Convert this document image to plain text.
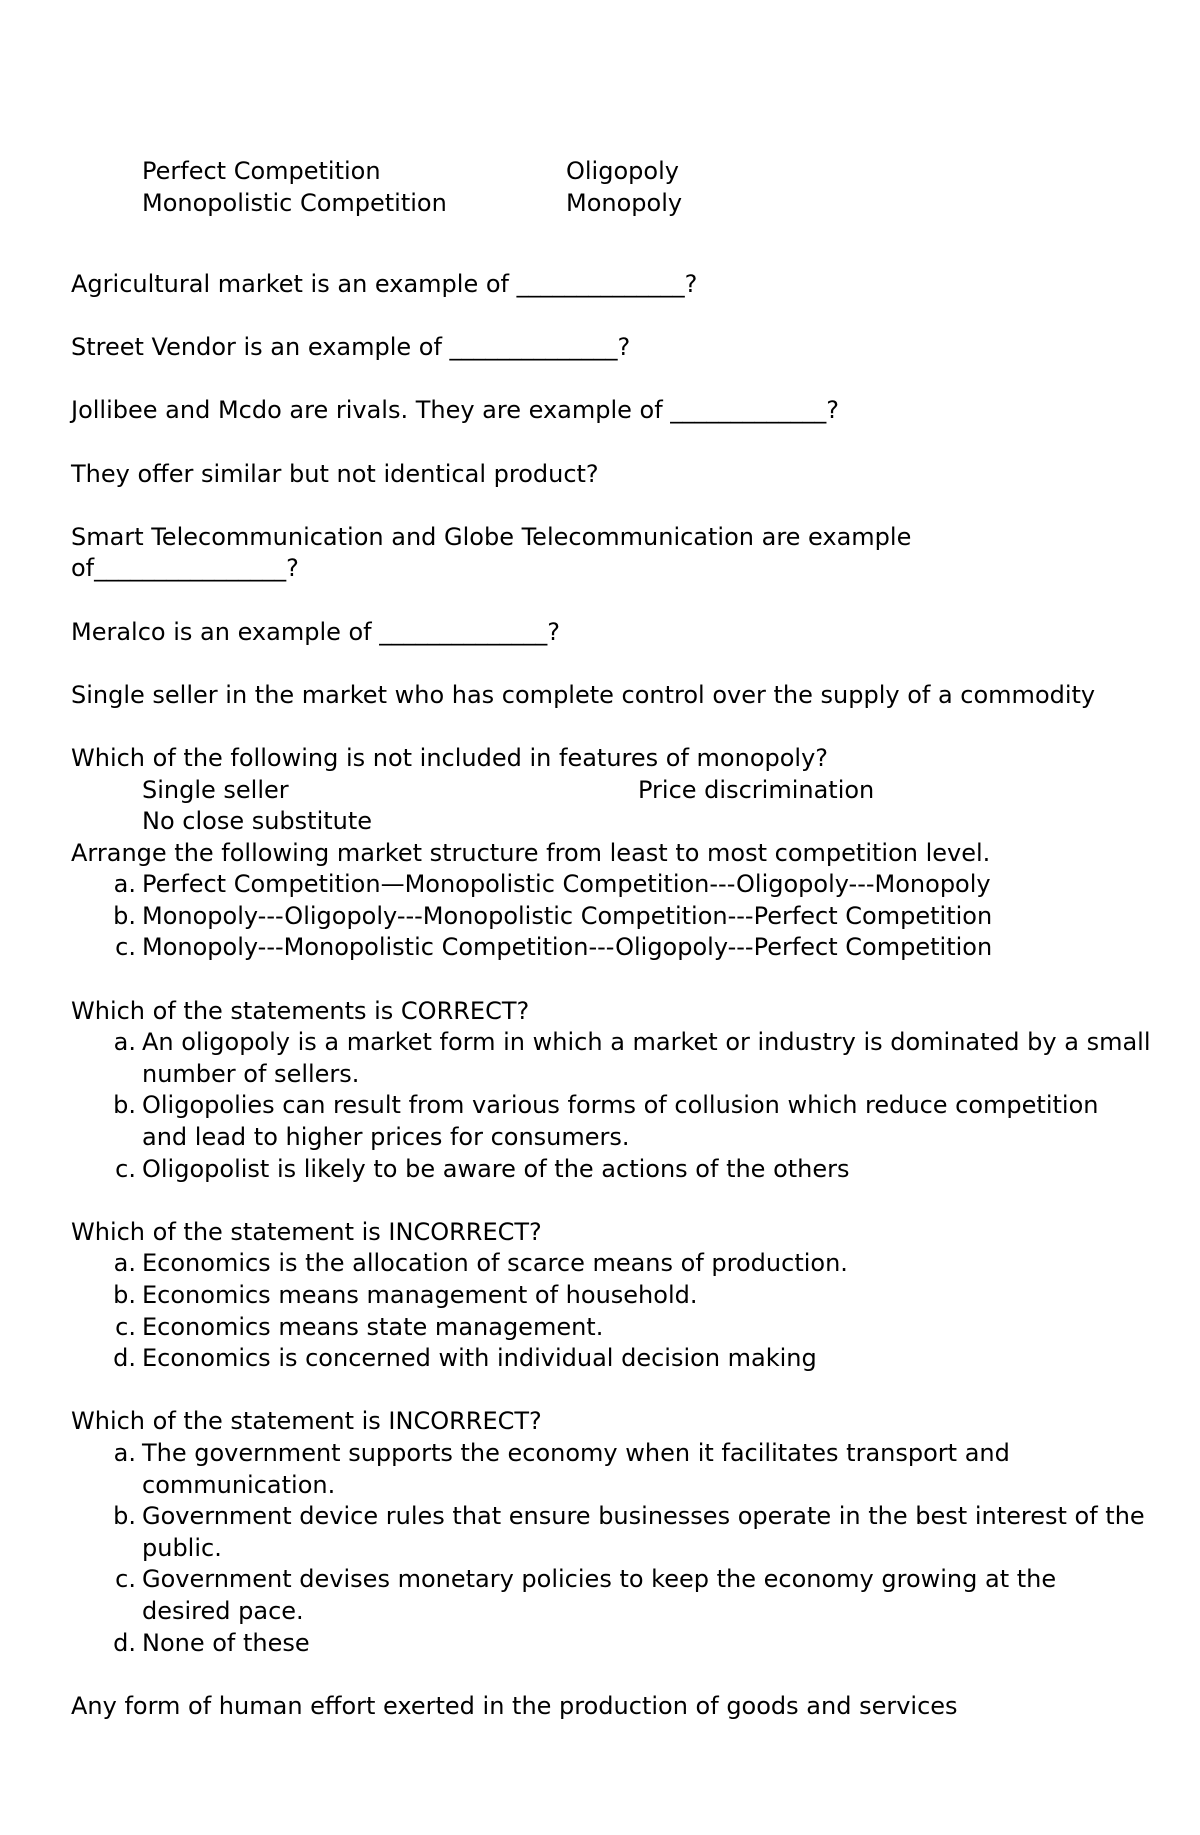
Perfect Competition	Oligopoly
Monopolistic Competition	Monopoly

Agricultural market is an example of ______________?

Street Vendor is an example of ______________?

Jollibee and Mcdo are rivals. They are example of _____________?

They offer similar but not identical product?

Smart Telecommunication and Globe Telecommunication are example

of________________?

Meralco is an example of ______________?

Single seller in the market who has complete control over the supply of a commodity

Which of the following is not included in features of monopoly?

Single seller	Price discrimination
No close substitute

Arrange the following market structure from least to most competition level.

a. Perfect Competition—Monopolistic Competition---Oligopoly---Monopoly
b. Monopoly---Oligopoly---Monopolistic Competition---Perfect Competition
c. Monopoly---Monopolistic Competition---Oligopoly---Perfect Competition

Which of the statements is CORRECT?

a. An oligopoly is a market form in which a market or industry is dominated by a small number of sellers.
b. Oligopolies can result from various forms of collusion which reduce competition and lead to higher prices for consumers.
c. Oligopolist is likely to be aware of the actions of the others

Which of the statement is INCORRECT?

a. Economics is the allocation of scarce means of production.
b. Economics means management of household.
c. Economics means state management.
d. Economics is concerned with individual decision making

Which of the statement is INCORRECT?

a. The government supports the economy when it facilitates transport and communication.
b. Government device rules that ensure businesses operate in the best interest of the public.
c. Government devises monetary policies to keep the economy growing at the desired pace.
d. None of these

Any form of human effort exerted in the production of goods and services
